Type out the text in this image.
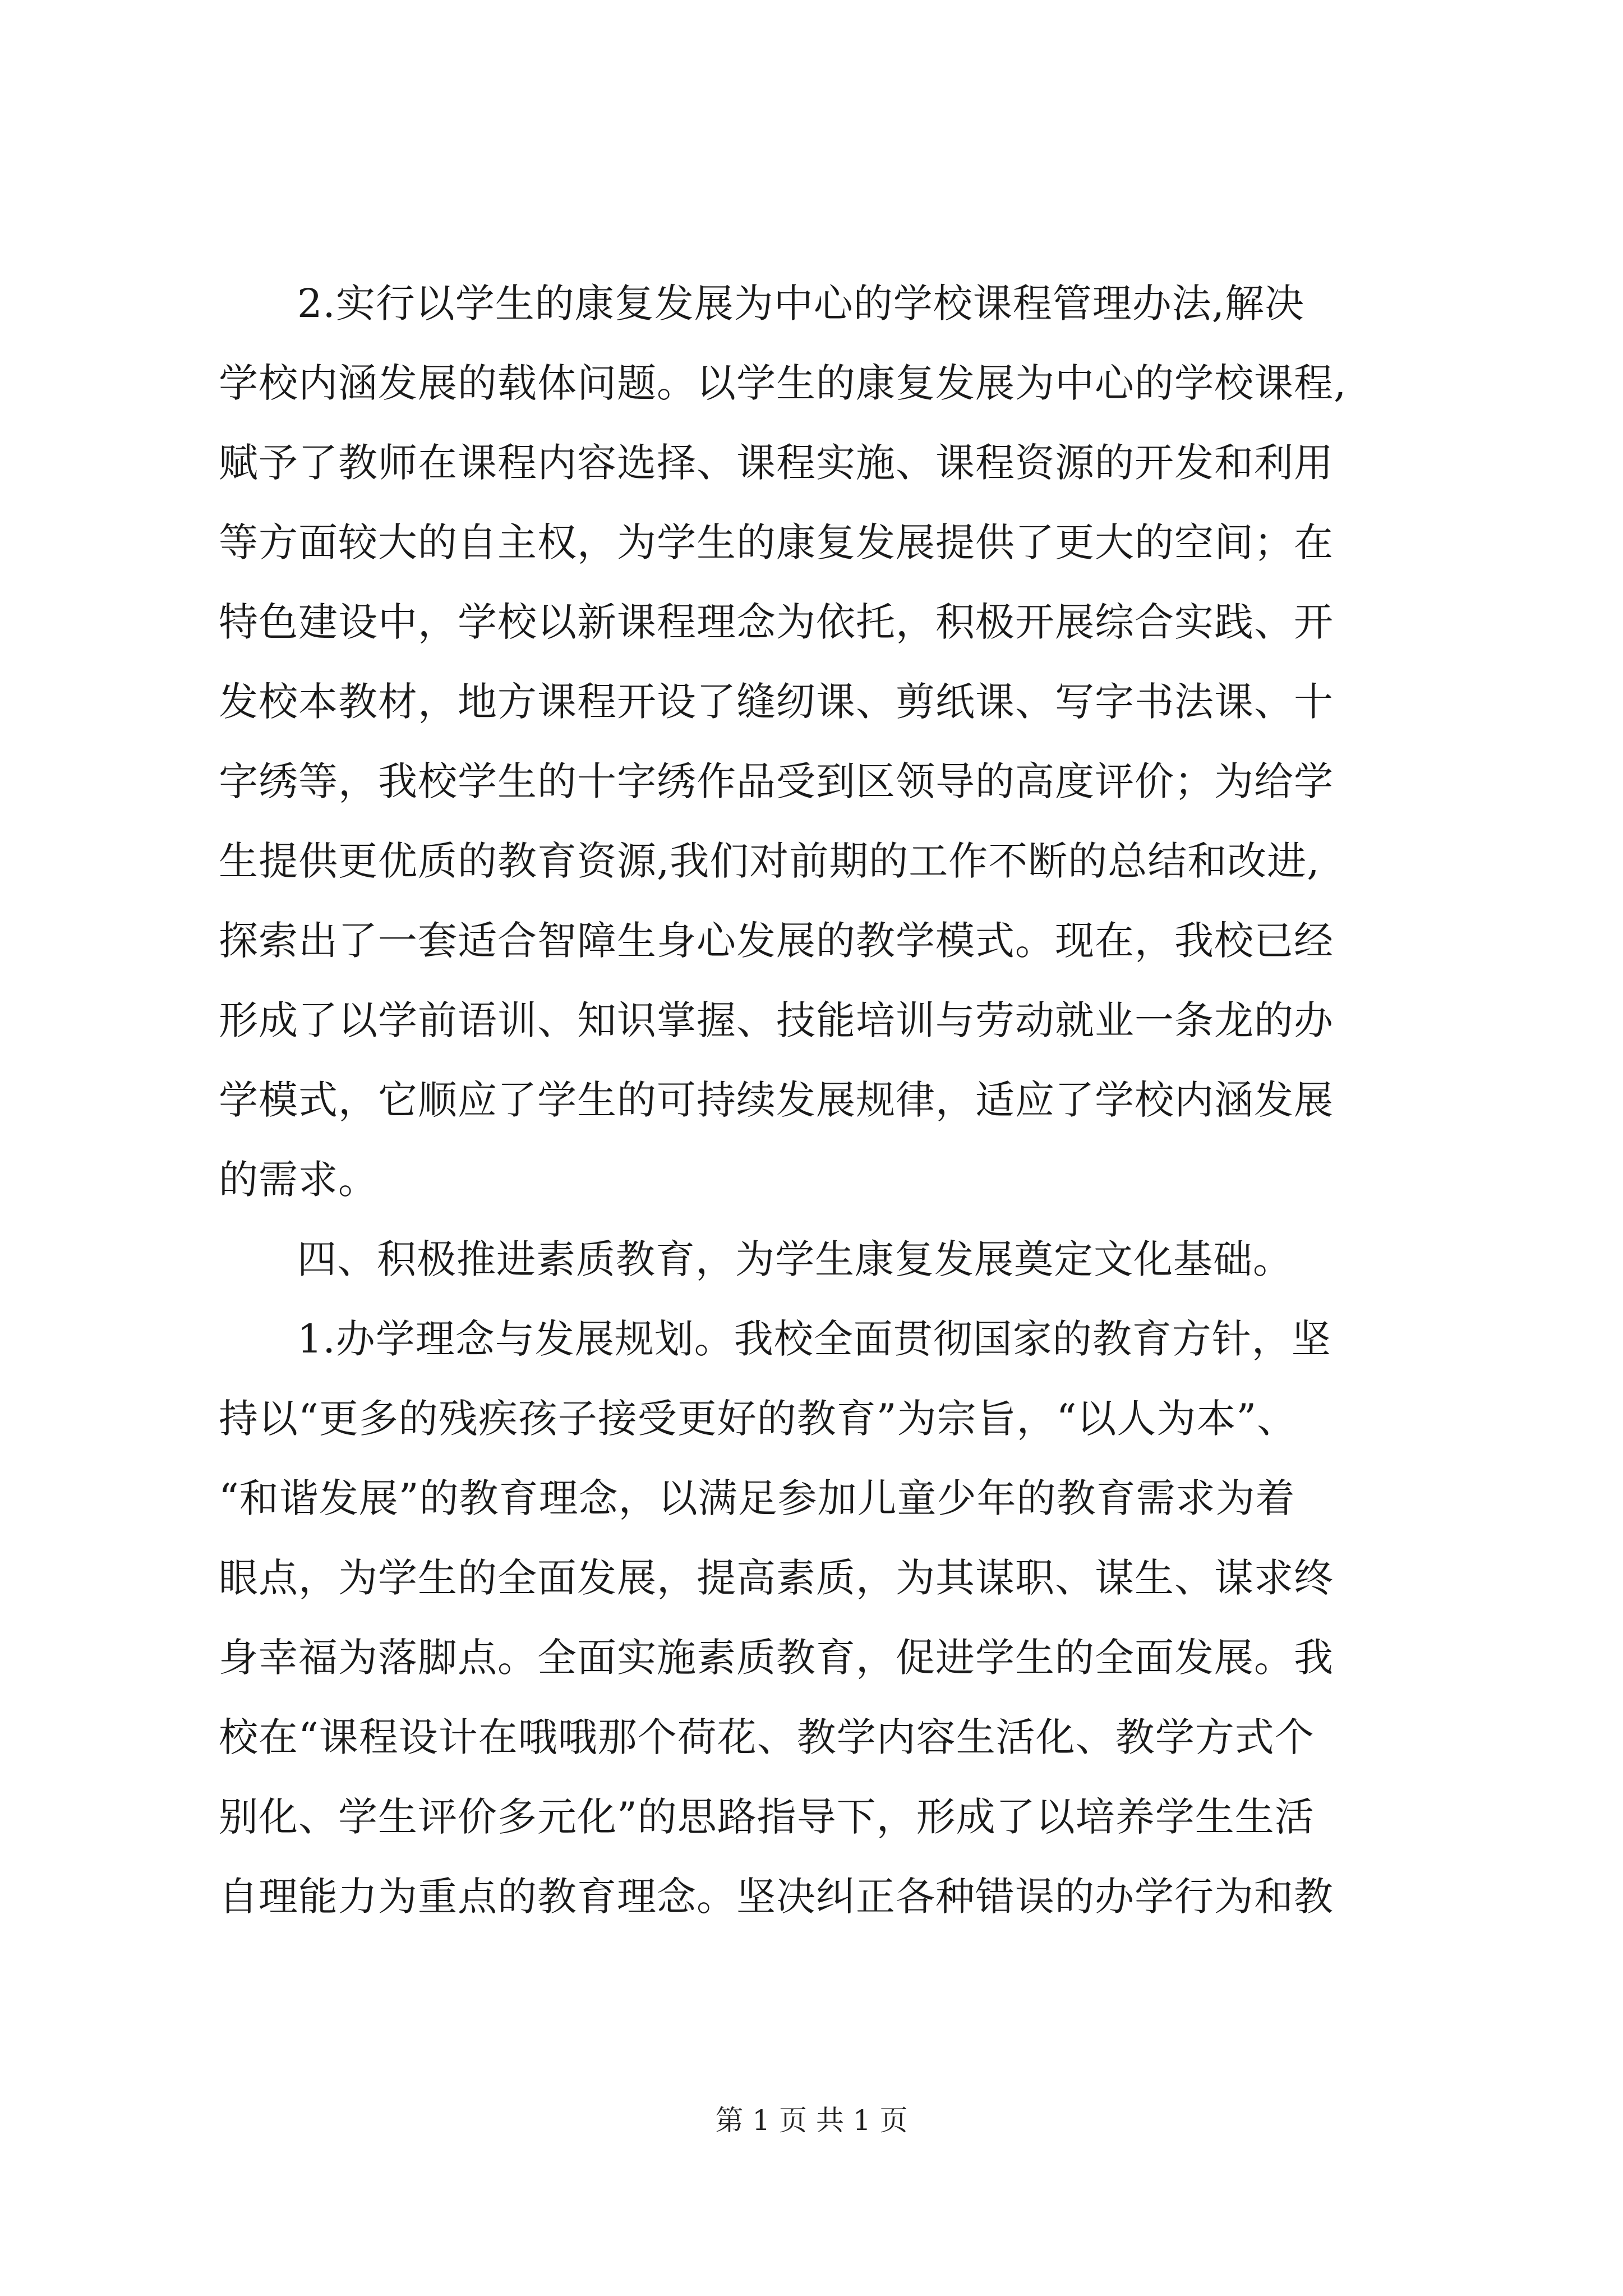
2.实行以学生的康复发展为中心的学校课程管理办法,解决
学校内涵发展的载体问题。以学生的康复发展为中心的学校课程,
赋予了教师在课程内容选择、课程实施、课程资源的开发和利用
等方面较大的自主权，为学生的康复发展提供了更大的空间；在
特色建设中，学校以新课程理念为依托，积极开展综合实践、开
发校本教材，地方课程开设了缝纫课、剪纸课、写字书法课、十
字绣等，我校学生的十字绣作品受到区领导的高度评价；为给学
生提供更优质的教育资源,我们对前期的工作不断的总结和改进,
探索出了一套适合智障生身心发展的教学模式。现在，我校已经
形成了以学前语训、知识掌握、技能培训与劳动就业一条龙的办
学模式，它顺应了学生的可持续发展规律，适应了学校内涵发展
的需求。
四、积极推进素质教育，为学生康复发展奠定文化基础。
1.办学理念与发展规划。我校全面贯彻国家的教育方针，坚
持以“更多的残疾孩子接受更好的教育”为宗旨，“以人为本”、
“和谐发展”的教育理念，以满足参加儿童少年的教育需求为着
眼点，为学生的全面发展，提高素质，为其谋职、谋生、谋求终
身幸福为落脚点。全面实施素质教育，促进学生的全面发展。我
校在“课程设计在哦哦那个荷花、教学内容生活化、教学方式个
别化、学生评价多元化”的思路指导下，形成了以培养学生生活
自理能力为重点的教育理念。坚决纠正各种错误的办学行为和教
第 1 页 共 1 页
